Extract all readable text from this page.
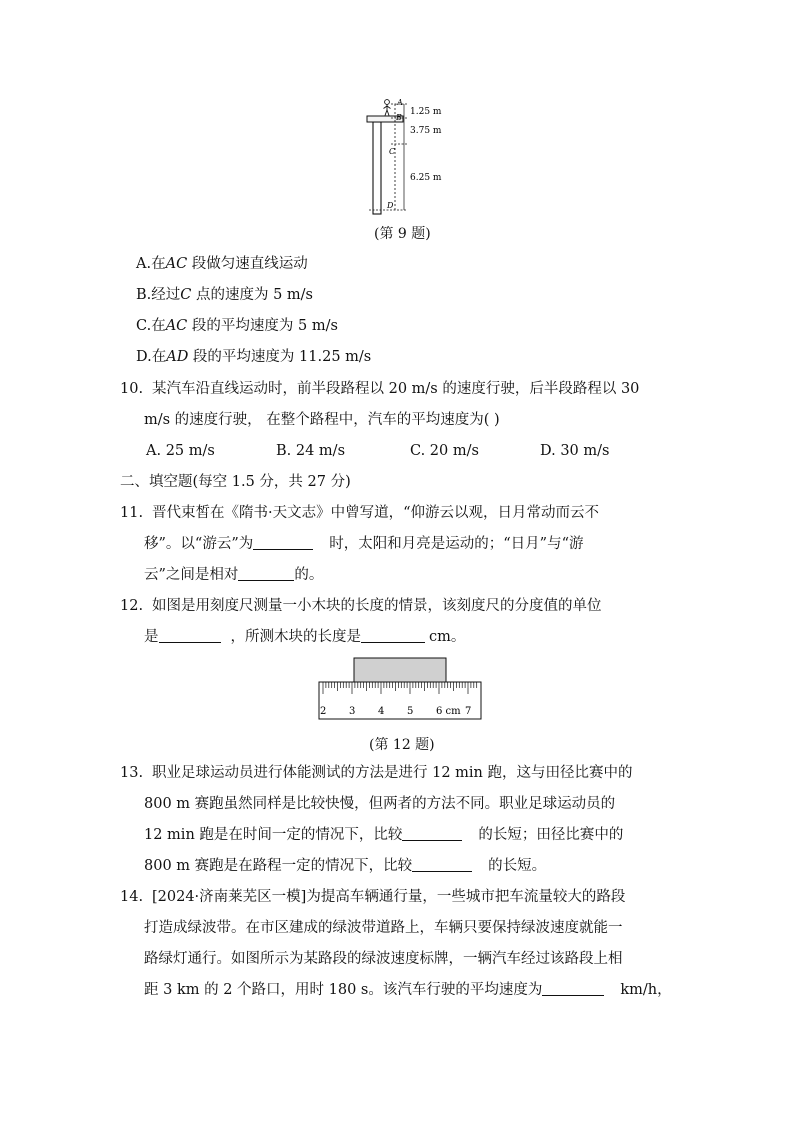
A
B
C
D
1.25 m
3.75 m
6.25 m
(第 9 题)
A.在AC 段做匀速直线运动
B.经过C 点的速度为 5 m/s
C.在AC 段的平均速度为 5 m/s
D.在AD 段的平均速度为 11.25 m/s
10. 某汽车沿直线运动时，前半段路程以 20 m/s 的速度行驶，后半段路程以 30
m/s 的速度行驶， 在整个路程中，汽车的平均速度为( )
A. 25 m/s	B. 24 m/s	C. 20 m/s	D. 30 m/s
二、填空题(每空 1.5 分，共 27 分)
11. 晋代束皙在《隋书·天文志》中曾写道，“仰游云以观，日月常动而云不
移”。以“游云”为	时，太阳和月亮是运动的；“日月”与“游
云”之间是相对	的。
12. 如图是用刻度尺测量一小木块的长度的情景，该刻度尺的分度值的单位
是	，所测木块的长度是	cm。
2 3 4 5 6 cm 7
(第 12 题)
13. 职业足球运动员进行体能测试的方法是进行 12 min 跑，这与田径比赛中的
800 m 赛跑虽然同样是比较快慢，但两者的方法不同。职业足球运动员的
12 min 跑是在时间一定的情况下，比较	的长短；田径比赛中的
800 m 赛跑是在路程一定的情况下，比较	的长短。
14. [2024·济南莱芜区一模]为提高车辆通行量，一些城市把车流量较大的路段
打造成绿波带。在市区建成的绿波带道路上，车辆只要保持绿波速度就能一
路绿灯通行。如图所示为某路段的绿波速度标牌，一辆汽车经过该路段上相
距 3 km 的 2 个路口，用时 180 s。该汽车行驶的平均速度为	km/h，
